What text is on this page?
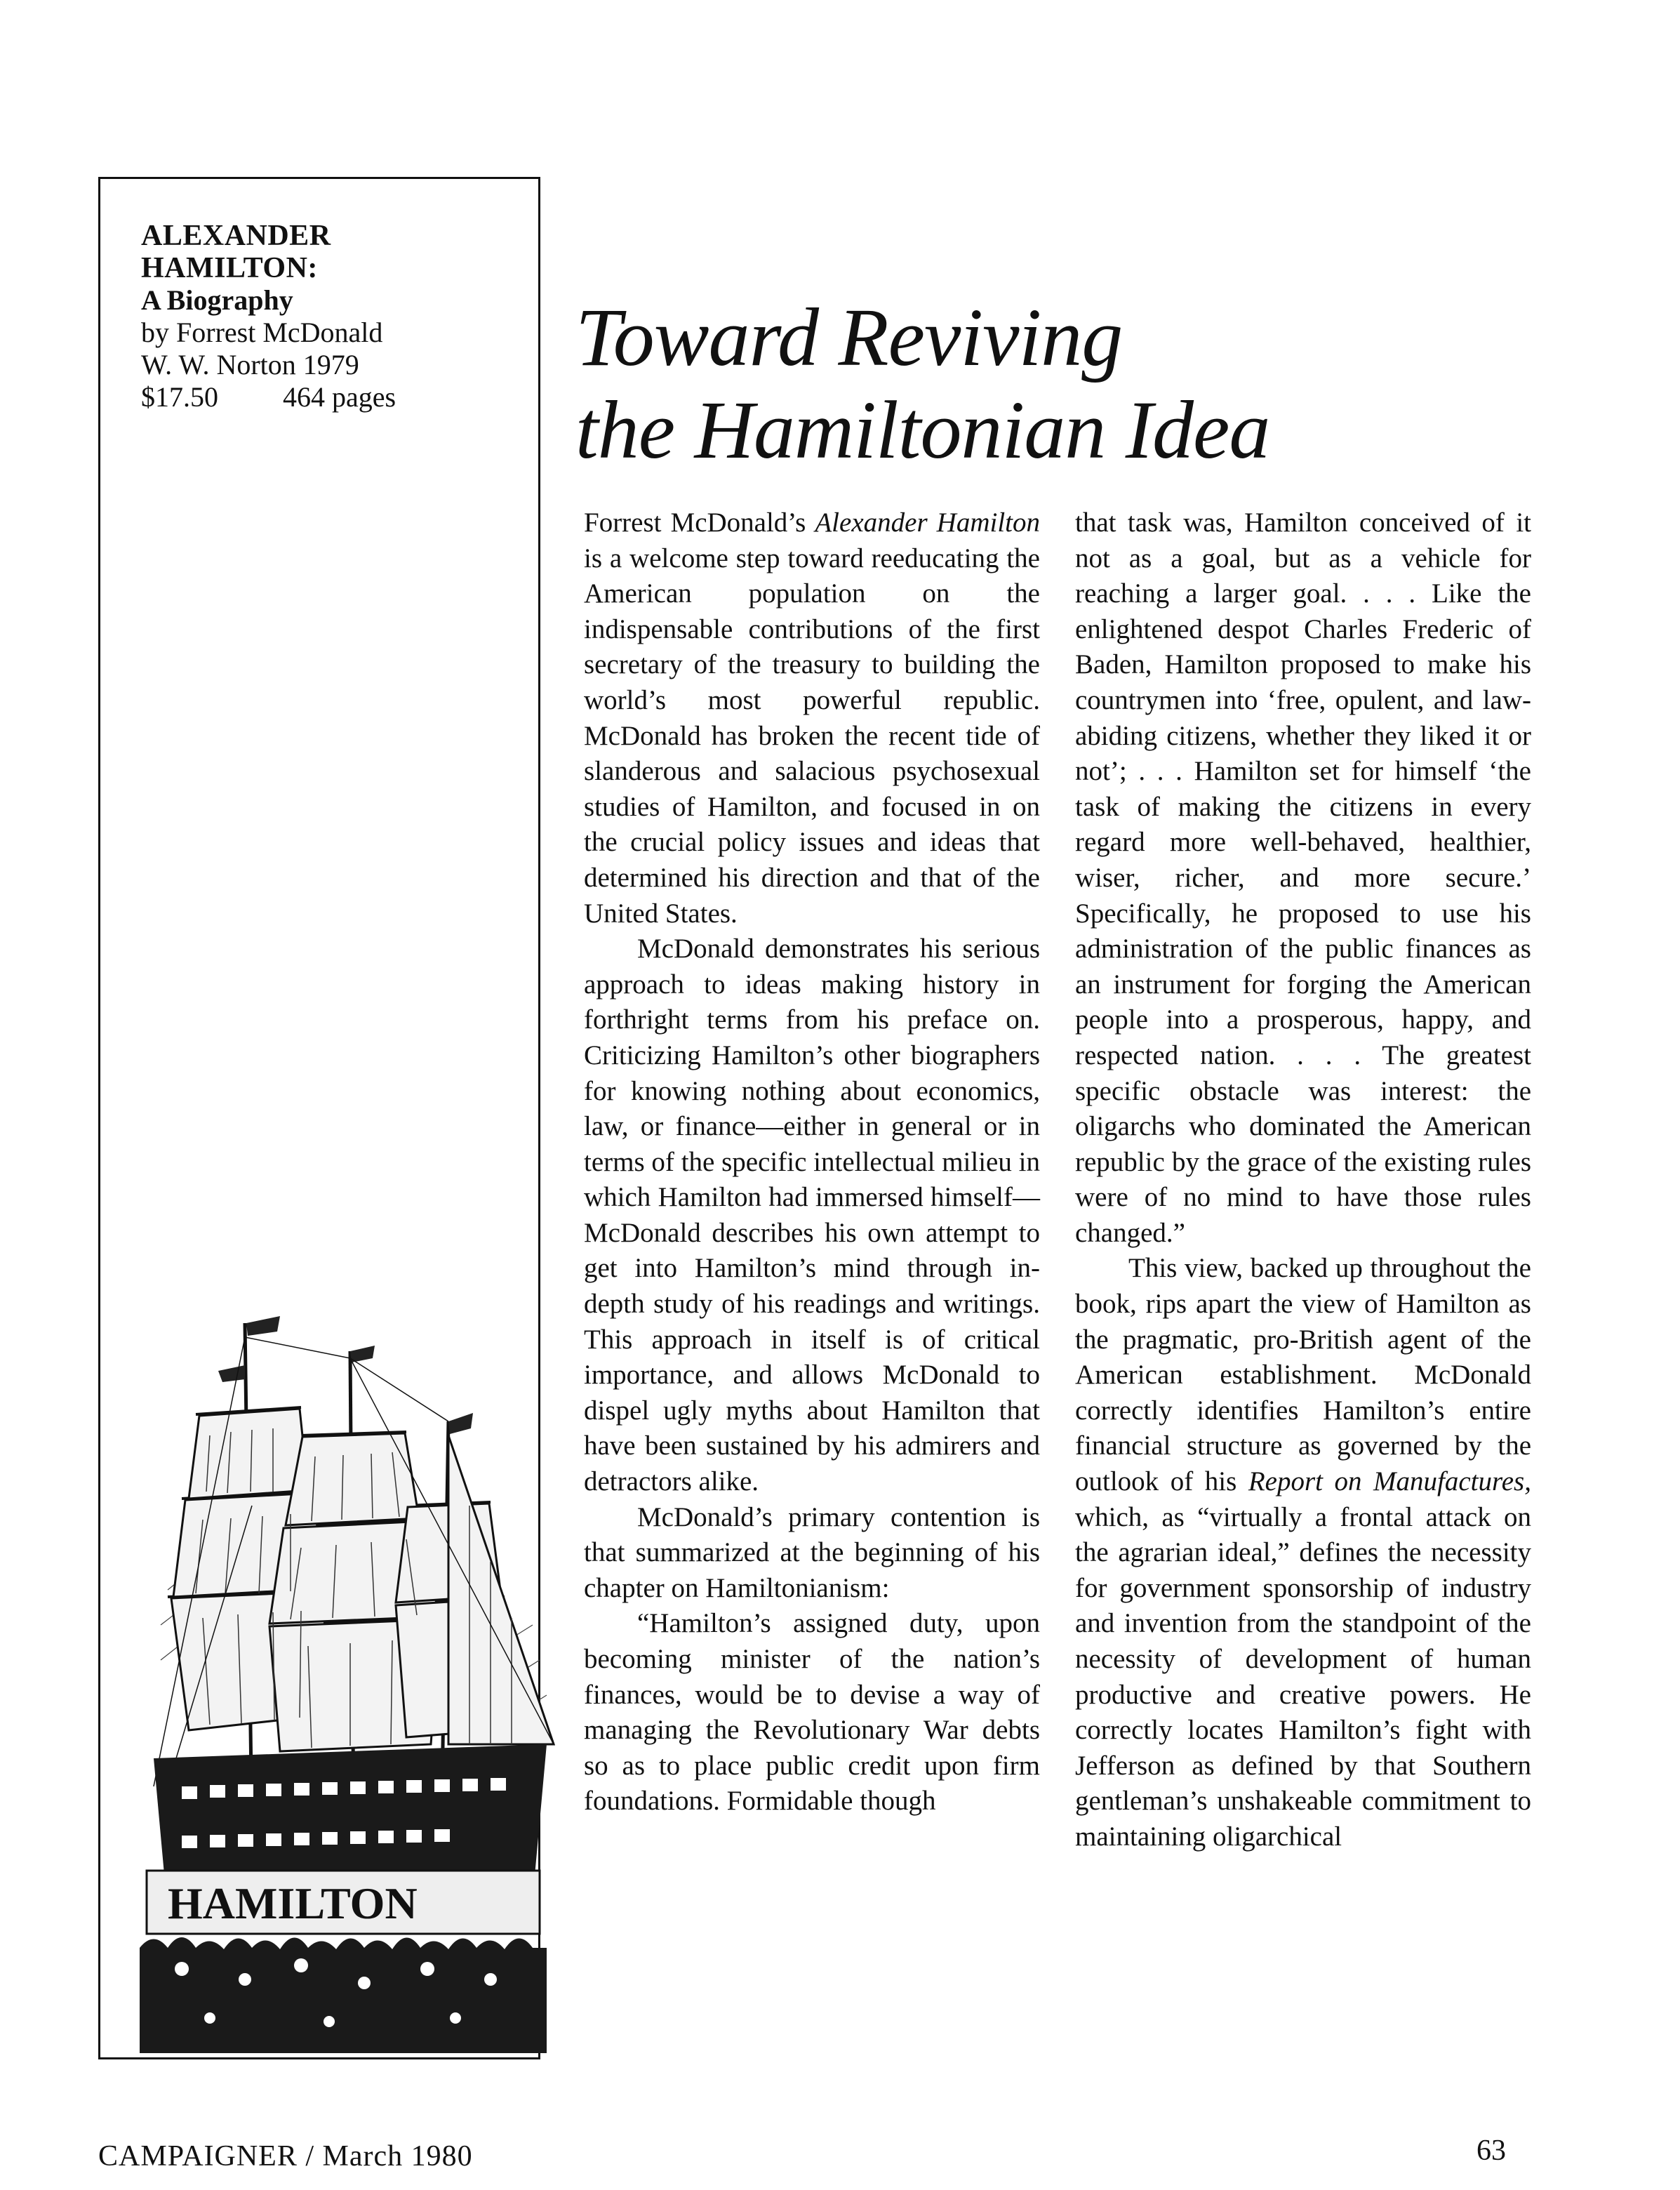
ALEXANDER
HAMILTON:
A Biography
by Forrest McDonald
W. W. Norton 1979
$17.50 464 pages
HAMILTON
Toward Reviving
the Hamiltonian Idea

Forrest McDonald’s Alexander Hamilton is a welcome step toward reeducating the American population on the indispensable contributions of the first secretary of the treasury to building the world’s most powerful republic. McDonald has broken the recent tide of slanderous and salacious psychosexual studies of Hamilton, and focused in on the crucial policy issues and ideas that determined his direction and that of the United States.

McDonald demonstrates his serious approach to ideas making history in forthright terms from his preface on. Criticizing Hamilton’s other biographers for knowing nothing about economics, law, or finance—either in general or in terms of the specific intellectual milieu in which Hamilton had immersed himself—McDonald describes his own attempt to get into Hamilton’s mind through in-depth study of his readings and writings. This approach in itself is of critical importance, and allows McDonald to dispel ugly myths about Hamilton that have been sustained by his admirers and detractors alike.

McDonald’s primary contention is that summarized at the beginning of his chapter on Hamiltonianism:

“Hamilton’s assigned duty, upon becoming minister of the nation’s finances, would be to devise a way of managing the Revolutionary War debts so as to place public credit upon firm foundations. Formidable though

that task was, Hamilton conceived of it not as a goal, but as a vehicle for reaching a larger goal. . . . Like the enlightened despot Charles Frederic of Baden, Hamilton proposed to make his countrymen into ‘free, opulent, and law-abiding citizens, whether they liked it or not’; . . . Hamilton set for himself ‘the task of making the citizens in every regard more well-behaved, healthier, wiser, richer, and more secure.’ Specifically, he proposed to use his administration of the public finances as an instrument for forging the American people into a prosperous, happy, and respected nation. . . . The greatest specific obstacle was interest: the oligarchs who dominated the American republic by the grace of the existing rules were of no mind to have those rules changed.”

This view, backed up throughout the book, rips apart the view of Hamilton as the pragmatic, pro-British agent of the American establishment. McDonald correctly identifies Hamilton’s entire financial structure as governed by the outlook of his Report on Manufactures, which, as “virtually a frontal attack on the agrarian ideal,” defines the necessity for government sponsorship of industry and invention from the standpoint of the necessity of development of human productive and creative powers. He correctly locates Hamilton’s fight with Jefferson as defined by that Southern gentleman’s unshakeable commitment to maintaining oligarchical

CAMPAIGNER / March 1980	63
